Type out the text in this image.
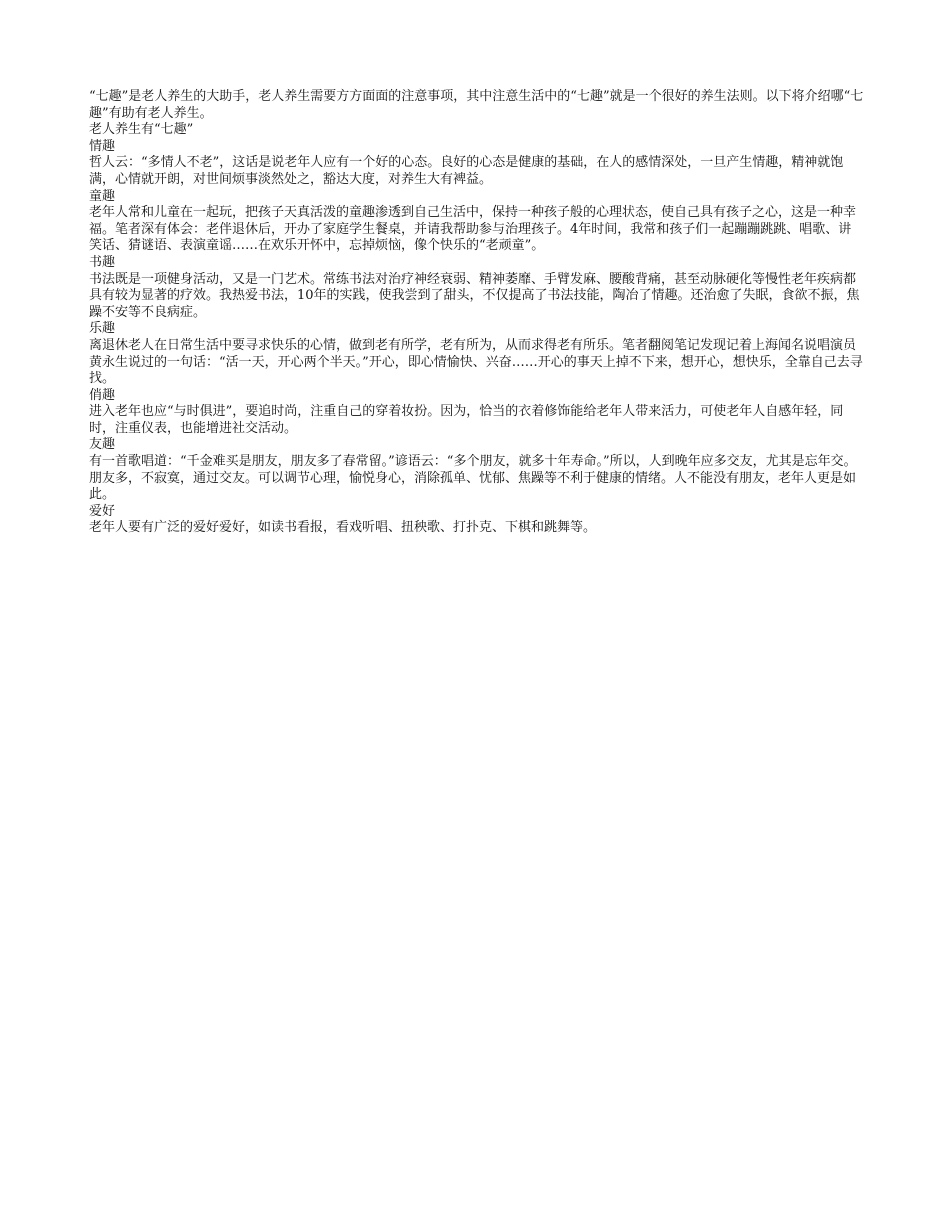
“七趣”是老人养生的大助手，老人养生需要方方面面的注意事项，其中注意生活中的“七趣”就是一个很好的养生法则。以下将介绍哪“七趣”有助有老人养生。

老人养生有“七趣”

情趣

哲人云：“多情人不老”，这话是说老年人应有一个好的心态。良好的心态是健康的基础，在人的感情深处，一旦产生情趣，精神就饱满，心情就开朗，对世间烦事淡然处之，豁达大度，对养生大有裨益。

童趣

老年人常和儿童在一起玩，把孩子天真活泼的童趣渗透到自己生活中，保持一种孩子般的心理状态，使自己具有孩子之心，这是一种幸福。笔者深有体会：老伴退休后，开办了家庭学生餐桌，并请我帮助参与治理孩子。4年时间，我常和孩子们一起蹦蹦跳跳、唱歌、讲笑话、猜谜语、表演童谣……在欢乐开怀中，忘掉烦恼，像个快乐的“老顽童”。

书趣

书法既是一项健身活动，又是一门艺术。常练书法对治疗神经衰弱、精神萎靡、手臂发麻、腰酸背痛，甚至动脉硬化等慢性老年疾病都具有较为显著的疗效。我热爱书法，10年的实践，使我尝到了甜头，不仅提高了书法技能，陶冶了情趣。还治愈了失眠，食欲不振，焦躁不安等不良病症。

乐趣

离退休老人在日常生活中要寻求快乐的心情，做到老有所学，老有所为，从而求得老有所乐。笔者翻阅笔记发现记着上海闻名说唱演员黄永生说过的一句话：“活一天，开心两个半天。”开心，即心情愉快、兴奋……开心的事天上掉不下来，想开心，想快乐，全靠自己去寻找。

俏趣

进入老年也应“与时俱进”，要追时尚，注重自己的穿着妆扮。因为，恰当的衣着修饰能给老年人带来活力，可使老年人自感年轻，同时，注重仪表，也能增进社交活动。

友趣

有一首歌唱道：“千金难买是朋友，朋友多了春常留。”谚语云：“多个朋友，就多十年寿命。”所以，人到晚年应多交友，尤其是忘年交。朋友多，不寂寞，通过交友。可以调节心理，愉悦身心，消除孤单、忧郁、焦躁等不利于健康的情绪。人不能没有朋友，老年人更是如此。

爱好

老年人要有广泛的爱好爱好，如读书看报，看戏听唱、扭秧歌、打扑克、下棋和跳舞等。
